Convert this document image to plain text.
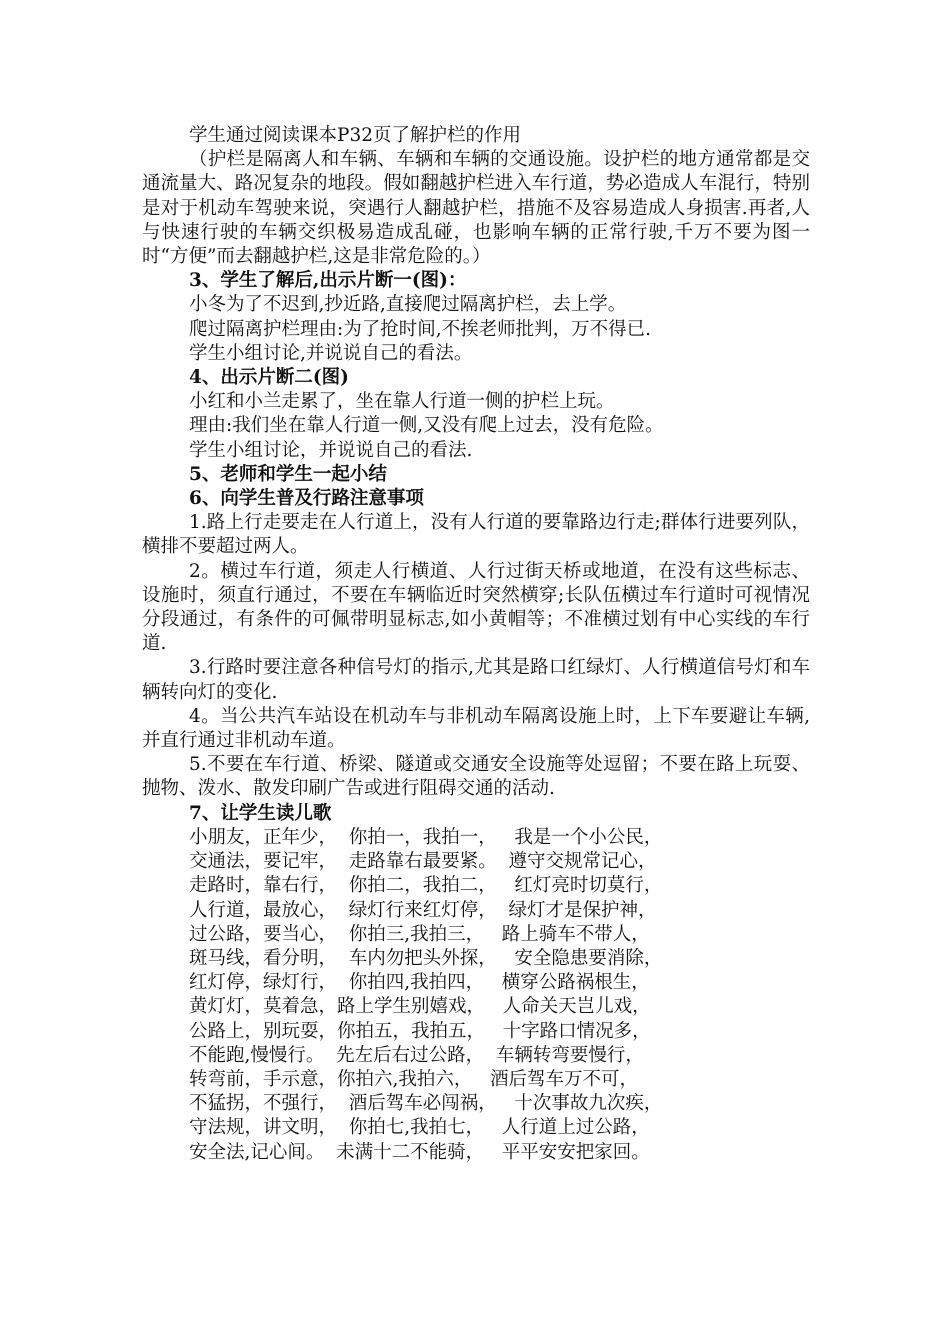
学生通过阅读课本P32页了解护栏的作用

（护栏是隔离人和车辆、车辆和车辆的交通设施。设护栏的地方通常都是交通流量大、路况复杂的地段。假如翻越护栏进入车行道，势必造成人车混行，特别是对于机动车驾驶来说，突遇行人翻越护栏，措施不及容易造成人身损害.再者,人与快速行驶的车辆交织极易造成乱碰，也影响车辆的正常行驶,千万不要为图一时“方便”而去翻越护栏,这是非常危险的。）

3、学生了解后,出示片断一(图)：

小冬为了不迟到,抄近路,直接爬过隔离护栏，去上学。

爬过隔离护栏理由:为了抢时间,不挨老师批判，万不得已.

学生小组讨论,并说说自己的看法。

4、出示片断二(图)

小红和小兰走累了，坐在靠人行道一侧的护栏上玩。

理由:我们坐在靠人行道一侧,又没有爬上过去，没有危险。

学生小组讨论，并说说自己的看法.

5、老师和学生一起小结

6、向学生普及行路注意事项

1.路上行走要走在人行道上，没有人行道的要靠路边行走;群体行进要列队，横排不要超过两人。

2。横过车行道，须走人行横道、人行过街天桥或地道，在没有这些标志、设施时，须直行通过，不要在车辆临近时突然横穿;长队伍横过车行道时可视情况分段通过，有条件的可佩带明显标志,如小黄帽等；不准横过划有中心实线的车行道.

3.行路时要注意各种信号灯的指示,尤其是路口红绿灯、人行横道信号灯和车辆转向灯的变化.

4。当公共汽车站设在机动车与非机动车隔离设施上时，上下车要避让车辆,并直行通过非机动车道。

5.不要在车行道、桥梁、隧道或交通安全设施等处逗留；不要在路上玩耍、抛物、泼水、散发印刷广告或进行阻碍交通的活动.

7、让学生读儿歌

小朋友，正年少，  你拍一，我拍一，   我是一个小公民，

交通法，要记牢，  走路靠右最要紧。  遵守交规常记心，

走路时，靠右行，  你拍二，我拍二，   红灯亮时切莫行，

人行道，最放心，  绿灯行来红灯停，  绿灯才是保护神，

过公路，要当心，  你拍三,我拍三，   路上骑车不带人，

斑马线，看分明，  车内勿把头外探，   安全隐患要消除，

红灯停，绿灯行，  你拍四,我拍四，   横穿公路祸根生，

黄灯灯，莫着急，路上学生别嬉戏，   人命关天岂儿戏，

公路上，别玩耍，你拍五，我拍五，   十字路口情况多，

不能跑,慢慢行。  先左后右过公路，  车辆转弯要慢行，

转弯前，手示意，你拍六,我拍六，   酒后驾车万不可，

不猛拐，不强行，  酒后驾车必闯祸，   十次事故九次疾，

守法规，讲文明，  你拍七,我拍七，   人行道上过公路，

安全法,记心间。  未满十二不能骑，   平平安安把家回。
